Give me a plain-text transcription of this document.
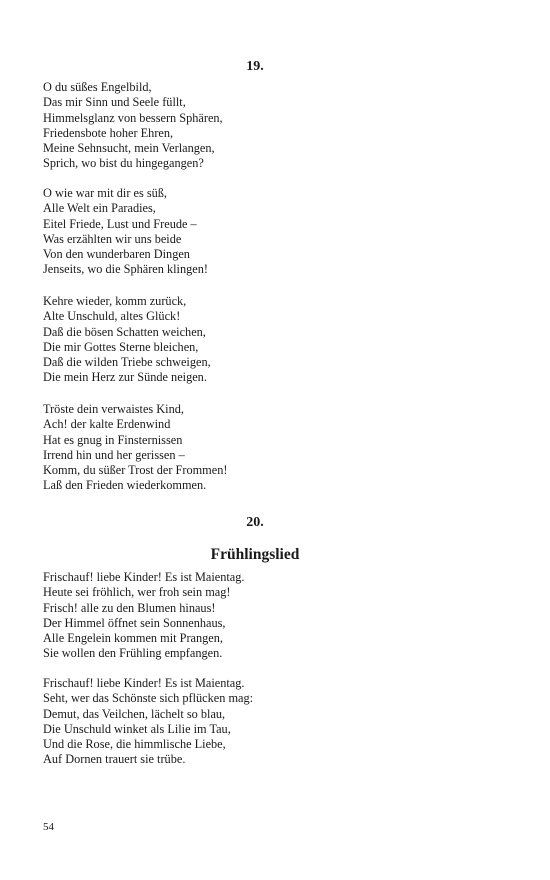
19.
O du süßes Engelbild,
Das mir Sinn und Seele füllt,
Himmelsglanz von bessern Sphären,
Friedensbote hoher Ehren,
Meine Sehnsucht, mein Verlangen,
Sprich, wo bist du hingegangen?
O wie war mit dir es süß,
Alle Welt ein Paradies,
Eitel Friede, Lust und Freude –
Was erzählten wir uns beide
Von den wunderbaren Dingen
Jenseits, wo die Sphären klingen!
Kehre wieder, komm zurück,
Alte Unschuld, altes Glück!
Daß die bösen Schatten weichen,
Die mir Gottes Sterne bleichen,
Daß die wilden Triebe schweigen,
Die mein Herz zur Sünde neigen.
Tröste dein verwaistes Kind,
Ach! der kalte Erdenwind
Hat es gnug in Finsternissen
Irrend hin und her gerissen –
Komm, du süßer Trost der Frommen!
Laß den Frieden wiederkommen.
20.
Frühlingslied
Frischauf! liebe Kinder! Es ist Maientag.
Heute sei fröhlich, wer froh sein mag!
Frisch! alle zu den Blumen hinaus!
Der Himmel öffnet sein Sonnenhaus,
Alle Engelein kommen mit Prangen,
Sie wollen den Frühling empfangen.
Frischauf! liebe Kinder! Es ist Maientag.
Seht, wer das Schönste sich pflücken mag:
Demut, das Veilchen, lächelt so blau,
Die Unschuld winket als Lilie im Tau,
Und die Rose, die himmlische Liebe,
Auf Dornen trauert sie trübe.
54
